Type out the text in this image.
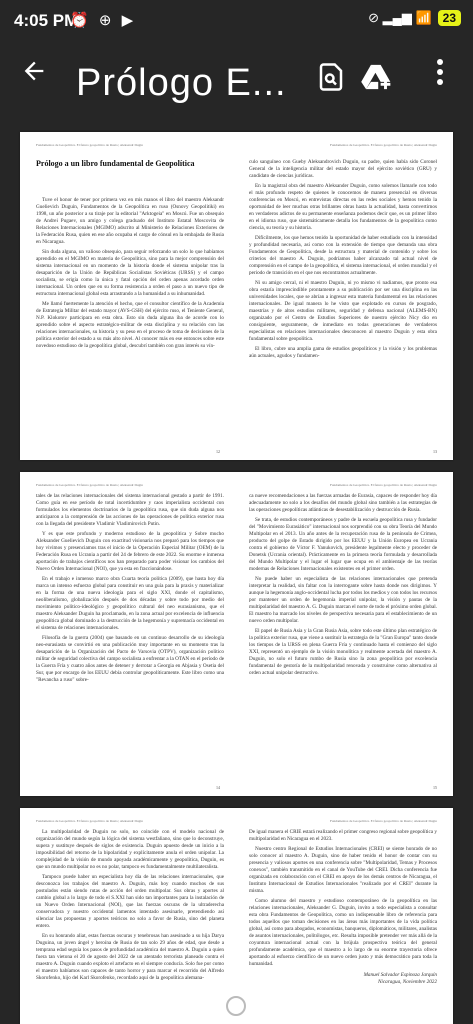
4:05 PM
⏰ ⊕ ▶	⊘ ▂▄▆ 📶 23
Prólogo E...
Fundamentos de Geopolítica. El futuro geopolítico de Rusia | Aleksandr Dugin
Prólogo a un libro fundamental de Geopolítica

Tuve el honor de tener por primera vez en mis manos el libro del maestro Aleksandr Guelievich Duguin, Fundamentos de la Geopolítica en ruso (Osnovy Geopolitiki) en 1998, un año posterior a su tiraje por la editorial "Arktogeia" en Moscú. Fue un obsequio de Andrei Pugaev, un amigo y colega graduado del Instituto Estatal Moscovita de Relaciones Internacionales (MGIMO) adscrito al Ministerio de Relaciones Exteriores de la Federación Rusa, quien en ese año ocupaba el cargo de cónsul en la embajada de Rusia en Nicaragua.

Sin duda alguna, un valioso obsequio, para seguir reforzando un solo lo que habíamos aprendido en el MGIMO en materia de Geopolítica, sino para la mejor comprensión del sistema internacional en un momento de la historia donde el sistema unipolar tras la desaparición de la Unión de Repúblicas Socialistas Soviéticas (URSS) y el campo socialista, se erigía como la única y fatal opción del orden apenas acordado orden internacional. Un orden que en su forma resistencia a orden el paso a un nuevo tipo de estructura internacional global esta arrastrando a la humanidad a su inhumanidad.

Me llamó fuertemente la atención el hecho, que el consultor científico de la Academia de Estrategia Militar del estado mayor (AVS-GSH) del ejército ruso, el Teniente General, N.P. Klokotov participara en esta obra. Esto sin duda alguna iba de acorde con lo aprendido sobre el aspecto estratégico-militar de esta disciplina y su relación con las relaciones internacionales, su historia y su peso en el proceso de toma de decisiones de la política exterior del estado a su más alto nivel. Al conocer más en ese entonces sobre este novedoso estudioso de la geopolítica global, descubrí también con gran interés su vín-

Fundamentos de Geopolítica. El futuro geopolítico de Rusia | Aleksandr Dugin

culo sanguíneo con Gueby Aleksandrovich Duguin, su padre, quien había sido Coronel General de la inteligencia militar del estado mayor del ejército soviético (GRU) y candidato de ciencias jurídicas.

En la magistral obra del maestro Aleksander Duguin, como solemos llamarle con todo el más profundo respeto de quienes le conocemos de manera presencial en diversas conferencias en Moscú, en entrevistas directas en las redes sociales y hemos tenido la oportunidad de leer muchas otras brillantes obras hasta la actualidad, hasta convertirnos en verdaderos adictos de su permanente enseñanza podemos decir que, es un primer libro en el idioma ruso, que sistemáticamente detalla los fundamentos de la geopolítica como ciencia, su teoría y su historia.

Difícilmente, los que hemos tenido la oportunidad de haber estudiado con la intensidad y profundidad necesaria, así como con la extensión de tiempo que demanda una obra Fundamentos de Geopolítica, desde la estructura y material de contenido y sobre los criterios del maestro A. Duguin, podríamos haber alcanzado tal actual nivel de comprensión en el campo de la geopolítica, el sistema internacional, el orden mundial y el periodo de transición en el que nos encontramos actualmente.

Ni su amigo cercal, ni el maestro Duguin, ni yo mismo vi nadiamos, que pronto esa obra estaría imprescindible prontamente a su publicación por ser una disciplina en las universidades locales, que se abrían a ingresar esta materia fundamental en las relaciones internacionales. De igual manera lo he visto que explotado en cursos de posgrado, maestrías y de altos estudios militares, seguridad y defensa nacional (ALEMS-BN) organizado por el Centro de Estudios Superiores de nuestro ejército Nicy dio en consiguiente, seguramente, de inmediato en todas generaciones de verdaderos especialistas en relaciones internacionales desconocen al maestro Duguin y esta obra fundamental sobre geopolítica.

El libro, cubre una amplia gama de estudios geopolíticos y la visión y los problemas aún actuales, agudos y fundamen-

12	13
Fundamentos de Geopolítica. El futuro geopolítico de Rusia | Aleksandr Dugin

tales de las relaciones internacionales del sistema internacional gestado a partir de 1991. Como guía en ese período de total incertidumbre y caos imperialista occidental con formulados los elementos doctrinarios de la geopolítica rusa, que sin duda alguna nos anticiparon a la comprensión de las acciones de las operaciones de política exterior rusa con la llegada del presidente Vladimir Vladimirovich Putin.

Y es que este profundo y moderno estudioso de la geopolítica y Sobre mucho Aleksander Guelievich Duguin con exactitud visionaria nos preparó para los tiempos que hoy vivimos y presenciamos tras el inicio de la Operación Especial Militar (OEM) de la Federación Rusa en Ucrania a partir del 24 de febrero de este 2022. Su enorme e inmensa aportación de trabajos científicos nos han preparado para poder visionar los cambios del Nuevo Orden Internacional (NOI), que ya esta en fraccionándose.

En el trabajo e inmenso marco obra Cuarta teoría política (2009), que hasta hoy día marca un intenso esfuerzo global para constituir en una guía para la praxis y materializar en la forma de una nueva ideología para el siglo XXI, donde el capitalismo, neoliberalismo, globalización después de dos décadas y sobre todo por medio del movimiento político-ideológico y geopolítico cultural del neo eurasianismo, que el maestro Aleksander Duguin ha proclamado, en la zona actual por excelencia de influencia geopolítica global dominado a la destrucción de la hegemonía y supremacía occidental en el sistema de relaciones internacionales.

Filosofía de la guerra (2004) que basando en un continuo desarrollo de su ideología neo-eurasiasta se convirtió en una publicación muy importante en su momento tras la desaparición de la Organización del Pacto de Varsovia (OTPV), organización político militar de seguridad colectiva del campo socialista a enfrentar a la OTAN en el período de la Guerra Fría y cuatro años antes de detener y derrotar a Georgia en Abjasia y Osetia del Sur, que por encargo de los EEUU debía controlar geopolíticamente. Este libro como una "Revancha a ruso" sobre-

Fundamentos de Geopolítica. El futuro geopolítico de Rusia | Aleksandr Dugin

ca nueve recomendaciones a las fuerzas armadas de Eurasia, capaces de responder hoy día adecuadamente no solo a los desafíos del mundo global sino también a las estrategias de las operaciones geopolíticas atlánticas de desestabilización y destrucción de Rusia.

Se trata, de estudios contemporáneos y padre de la escuela geopolítica rusa y fundador del "Movimiento Eurasiático" internacional nos sorprendió con su obra Teoría del Mundo Multipolar en el 2013. Un año antes de la recuperación rusa de la península de Crimea, producto del golpe de Estado dirigido por los EEUU y la Unión Europea en Ucrania contra el gobierno de Víctor F. Yanukovich, presidente legalmente electo y proceder de Donetsk (Ucrania oriental). Prácticamente en la primera teoría formulada y desarrollada del Mundo Multipolar y el lugar el lugar que ocupa en el ambientaje de las teorías modernas de Relaciones Internacionales existentes en el primer orden.

No puede haber un especialista de las relaciones internacionales que pretenda interpretar la realidad, sin faltar con la interrogante sobre hasta donde nos dirigimos. Y aunque la hegemonía anglo-occidental lucha por todos los medios y con todos los recursos por mantener un orden de hegemonía imperial unipolar, la visión y pautas de la multipolaridad del maestro A. G. Duguin marcan el norte de todo el próximo orden global. El maestro ha marcado los niveles de perspectiva necesaria para el establecimiento de un nuevo orden multipolar.

El papel de Rusia Asia y la Gran Rusia Asia, sobre todo este último plan estratégico de la política exterior rusa, que viene a sustituir la estrategia de la "Gran Europa" tanto donde los tiempos de la URSS en plena Guerra Fría y continuado hasta el comienzo del siglo XXI, representó un ejemplo de la visión monolítica y realmente acertada del maestro A. Duguin, no solo el futuro rumbo de Rusia sino la zona geopolítica por excelencia fundamental de gestoría de la multipolaridad renovada y construirse como alternativa al orden actual unipolar destructivo.

14	15
Fundamentos de Geopolítica. El futuro geopolítico de Rusia | Aleksandr Dugin

La multipolaridad de Duguin no solo, no coincide con el modelo nacional de organización del mundo según la lógica del sistema westfaliano, sino que lo deconstruye, supera y sustituye después de siglos de existencia. Duguin apuesto desde un inicio a la imposibilidad del retorno de la bipolaridad y explícitamente anula el orden unipolar. La complejidad de la visión de mundo apoyada académicamente y geopolítica, Duguin, es que un mundo multipolar no es no polar, tampoco es fundamentalmente multilateralista.

Tampoco puede haber un especialista hoy día de las relaciones internacionales, que desconozca los trabajos del maestro A. Duguin, más hoy cuando muchos de sus postulados están siendo rutas de acción del orden multipolar. Sus obras y aportes al cambio global a lo largo de todo el S.XXI han sido tan importantes para la instalación de un Nuevo Orden Internacional (NOI), que las fuerzas oscuras de la ultraderecha conservadora y nuestro occidental lamentos intentado asesinarle, pretendiendo así silenciar las propuestas y aportes teóricos no solo a favor de Rusia, sino del planeta entero.

En su honrando aliat, estas fuerzas oscuras y tenebrosas han asesinado a su hija Darya Duguina, un joven ángel y heroína de Rusia de tan solo 29 años de edad, que desde a temprana edad seguía los pasos de profundidad académica del maestro A. Duguin a quien fuera tan vietona el 20 de agosto del 2022 de un atentado terrorista planeado contra el maestro A. Duguin cuando exploto el artefacto en el siempre conducía. Solo fue por como el maestro habíamos son capaces de tanto horror y para marcar el recorrido del Alfredo Skorofenko, hijo del Karl Skorofenko, recordado aquí de la geopolítica alemana-

Fundamentos de Geopolítica. El futuro geopolítico de Rusia | Aleksandr Dugin

De igual manera el CRIE estará realizando el primer congreso regional sobre geopolítica y multipolaridad en Nicaragua en el 2023.

Nuestro centro Regional de Estudios Internacionales (CREI) se siente honrado de no solo conocer al maestro A. Duguin, sino de haber tenido el honor de contar con su presencia y valiosos aportes en una conferencia sobre "Multipolaridad, Temas y Procesos conexos", también transmitido en el canal de YouTube del CREI. Dicha conferencia fue organizada en colaboración con el CREI en apoyo de los demás centros de Nicaragua, el Instituto Internacional de Estudios Internacionales "realizado por el CREI" durante la misma.

Como alumno del maestro y estudioso contemporáneo de la geopolítica en las relaciones internacionales, Aleksander G. Duguin, invito a todo especialista a consultar esta obra Fundamentos de Geopolítica, como un indispensable libro de referencia para todos aquellos que toman decisiones en las áreas más importantes de la vida política global, así como para abogados, economistas, banqueros, diplomáticos, militares, analistas de asuntos internacionales, politólogos, etc. Resulta imposible pretender ver más allá de la coyuntura internacional actual con la brújula prospectiva teórica del general profundamente académica, que el maestro a lo largo de su enorme trayectoria ofrece aportando al esfuerzo científico de un nuevo orden justo y más democrático para toda la humanidad.

Manuel Salvador Espinoza Jarquín
Nicaragua, Noviembre 2022
